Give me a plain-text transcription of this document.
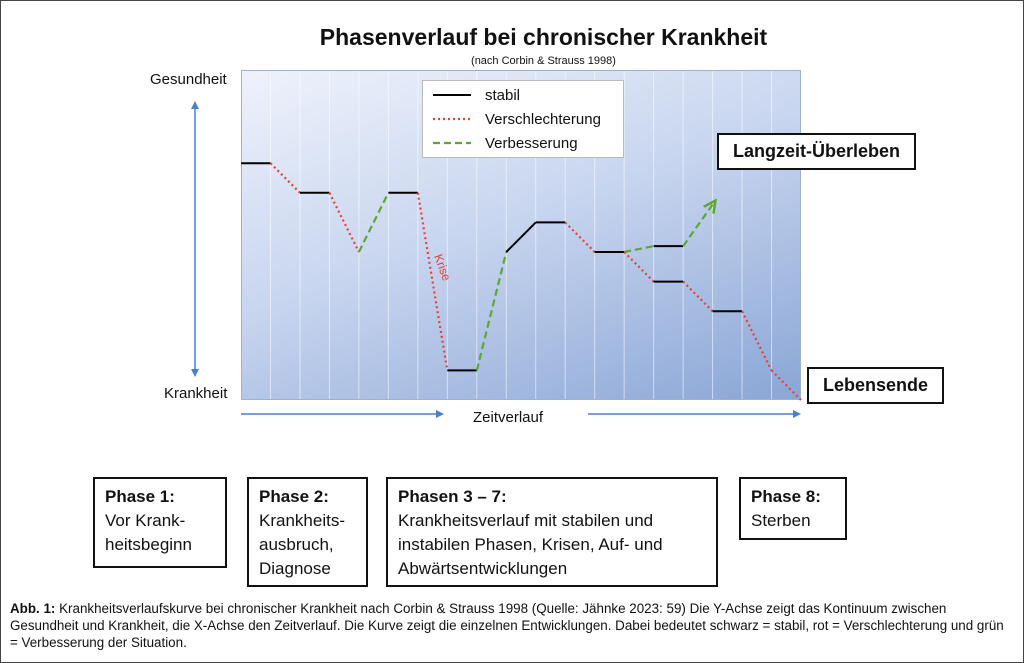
Phasenverlauf bei chronischer Krankheit
(nach Corbin & Strauss 1998)
Gesundheit
Krankheit
Zeitverlauf
Krise
stabil
Verschlechterung
Verbesserung	Langzeit-Überleben
Lebensende
Phase 1:
Vor Krank-
heitsbeginn
Phase 2:
Krankheits-
ausbruch,
Diagnose
Phasen 3 – 7:
Krankheitsverlauf mit stabilen und
instabilen Phasen, Krisen, Auf- und
Abwärtsentwicklungen
Phase 8:
Sterben
Abb. 1: Krankheitsverlaufskurve bei chronischer Krankheit nach Corbin & Strauss 1998 (Quelle: Jähnke 2023: 59) Die Y-Achse zeigt das Kontinuum zwischen Gesundheit und Krankheit, die X-Achse den Zeitverlauf. Die Kurve zeigt die einzelnen Entwicklungen. Dabei bedeutet schwarz = stabil, rot = Verschlechterung und grün = Verbesserung der Situation.
